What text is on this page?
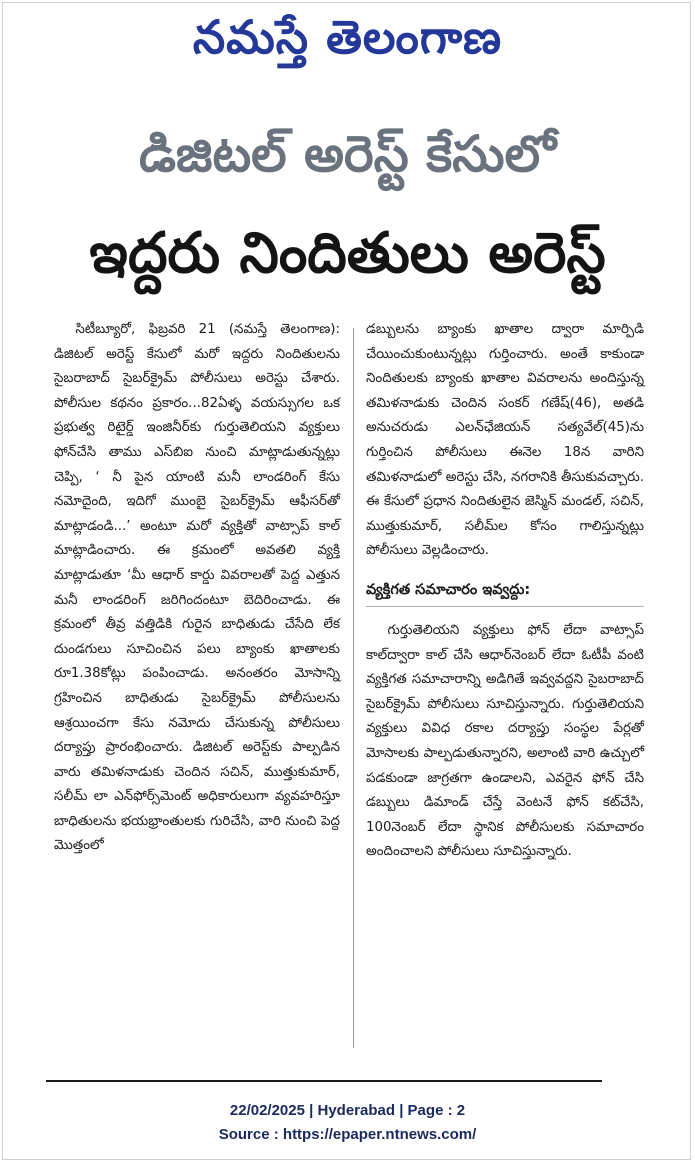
నమస్తే తెలంగాణ
డిజిటల్ అరెస్ట్ కేసులో
ఇద్దరు నిందితులు అరెస్ట్

సిటీబ్యూరో, ఫిబ్రవరి 21 (నమస్తే తెలంగాణ): డిజిటల్ అరెస్ట్ కేసులో మరో ఇద్దరు నిందితులను సైబరాబాద్ సైబర్‌క్రైమ్ పోలీసులు అరెస్టు చేశారు. పోలీసుల కథనం ప్రకారం...82ఏళ్ళ వయస్సుగల ఒక ప్రభుత్వ రిటైర్డ్ ఇంజినీర్‌కు గుర్తుతెలియని వ్యక్తులు ఫోన్‌చేసి తాము ఎస్‌బిఐ నుంచి మాట్లాడుతున్నట్లు చెప్పి, ‘ నీ పైన యాంటి మనీ లాండరింగ్ కేసు నమోదైంది, ఇదిగో ముంబై సైబర్‌క్రైమ్ ఆఫీసర్‌తో మాట్లాడండి...’ అంటూ మరో వ్యక్తితో వాట్సాప్ కాల్ మాట్లాడించారు. ఈ క్రమంలో అవతలి వ్యక్తి మాట్లాడుతూ ‘మీ ఆధార్ కార్డు వివరాలతో పెద్ద ఎత్తున మనీ లాండరింగ్ జరిగిందంటూ బెదిరించాడు. ఈ క్రమంలో తీవ్ర వత్తిడికి గురైన బాధితుడు చేసేది లేక దుండగులు సూచించిన పలు బ్యాంకు ఖాతాలకు రూ1.38కోట్లు పంపించాడు. అనంతరం మోసాన్ని గ్రహించిన బాధితుడు సైబర్‌క్రైమ్ పోలీసులను ఆశ్రయించగా కేసు నమోదు చేసుకున్న పోలీసులు దర్యాప్తు ప్రారంభించారు. డిజిటల్ అరెస్ట్‌కు పాల్పడిన వారు తమిళనాడుకు చెందిన సచిన్, ముత్తుకుమార్, సలీమ్ లా ఎన్‌ఫోర్స్‌మెంట్ అధికారులుగా వ్యవహరిస్తూ బాధితులను భయభ్రాంతులకు గురిచేసి, వారి నుంచి పెద్ద మొత్తంలో

డబ్బులను బ్యాంకు ఖాతాల ద్వారా మార్పిడి చేయించుకుంటున్నట్లు గుర్తించారు. అంతే కాకుండా నిందితులకు బ్యాంకు ఖాతాల వివరాలను అందిస్తున్న తమిళనాడుకు చెందిన సంకర్ గణేష్(46), అతడి అనుచరుడు ఎలన్‌ఛేజియన్ సత్యవేల్(45)ను గుర్తించిన పోలీసులు ఈనెల 18న వారిని తమిళనాడులో అరెస్టు చేసి, నగరానికి తీసుకువచ్చారు. ఈ కేసులో ప్రధాన నిందితులైన జెస్మిన్ మండల్, సచిన్, ముత్తుకుమార్, సలీమ్‌ల కోసం గాలిస్తున్నట్లు పోలీసులు వెల్లడించారు.

వ్యక్తిగత సమాచారం ఇవ్వద్దు:

గుర్తుతెలియని వ్యక్తులు ఫోన్ లేదా వాట్సాప్ కాల్‌ద్వారా కాల్ చేసి ఆధార్‌నెంబర్ లేదా ఓటీపీ వంటి వ్యక్తిగత సమాచారాన్ని అడిగితే ఇవ్వవద్దని సైబరాబాద్ సైబర్‌క్రైమ్ పోలీసులు సూచిస్తున్నారు. గుర్తుతెలియని వ్యక్తులు వివిధ రకాల దర్యాప్తు సంస్థల పేర్లతో మోసాలకు పాల్పడుతున్నారని, అలాంటి వారి ఉచ్చులో పడకుండా జాగ్రతగా ఉండాలని, ఎవరైన ఫోన్ చేసి డబ్బులు డిమాండ్ చేస్తే వెంటనే ఫోన్ కట్‌చేసి, 100నెంబర్ లేదా స్థానిక పోలీసులకు సమాచారం అందించాలని పోలీసులు సూచిస్తున్నారు.

22/02/2025 | Hyderabad | Page : 2
Source : https://epaper.ntnews.com/
